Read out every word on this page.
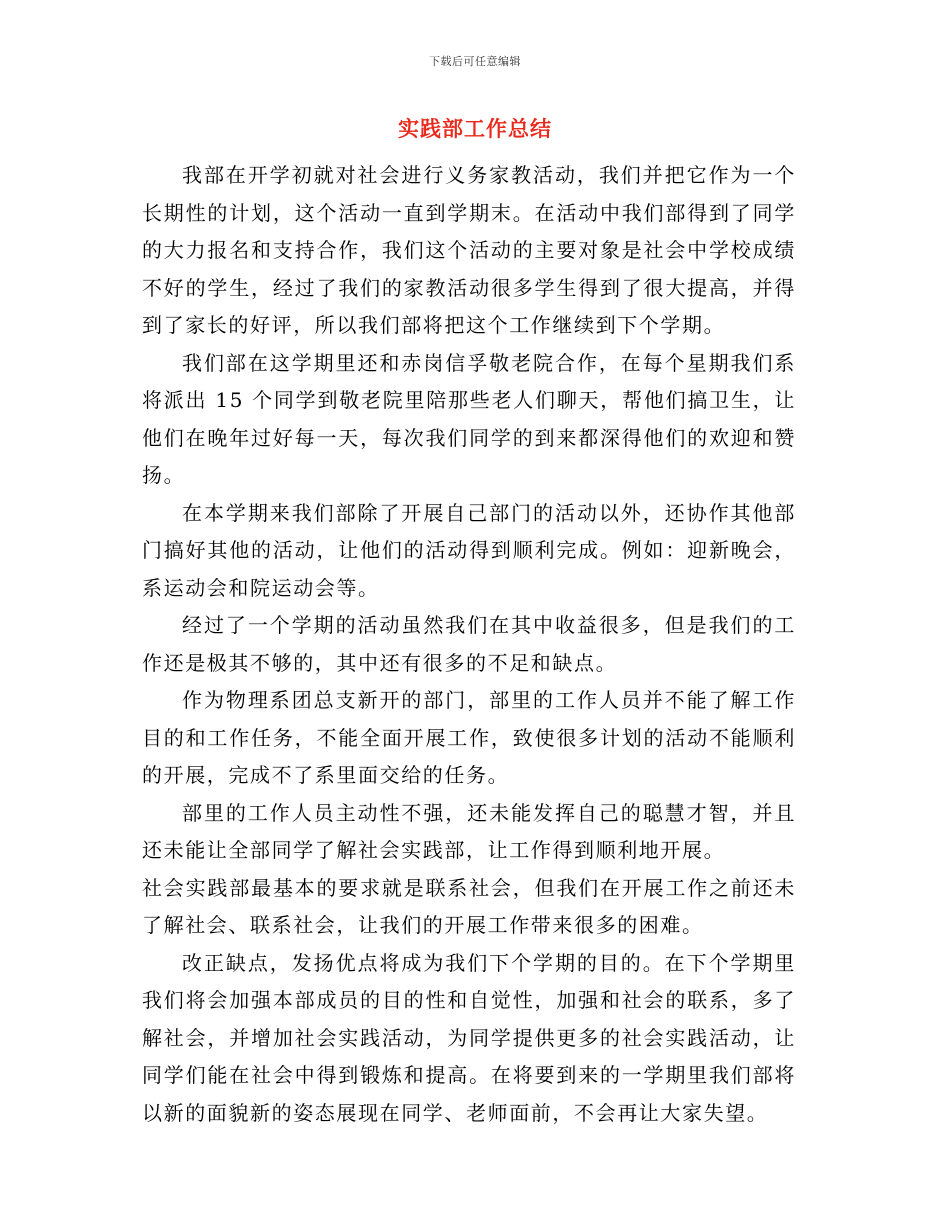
下载后可任意编辑
实践部工作总结

我部在开学初就对社会进行义务家教活动，我们并把它作为一个长期性的计划，这个活动一直到学期末。在活动中我们部得到了同学的大力报名和支持合作，我们这个活动的主要对象是社会中学校成绩不好的学生，经过了我们的家教活动很多学生得到了很大提高，并得到了家长的好评，所以我们部将把这个工作继续到下个学期。

我们部在这学期里还和赤岗信孚敬老院合作，在每个星期我们系将派出 15 个同学到敬老院里陪那些老人们聊天，帮他们搞卫生，让他们在晚年过好每一天，每次我们同学的到来都深得他们的欢迎和赞扬。

在本学期来我们部除了开展自己部门的活动以外，还协作其他部门搞好其他的活动，让他们的活动得到顺利完成。例如：迎新晚会，系运动会和院运动会等。

经过了一个学期的活动虽然我们在其中收益很多，但是我们的工作还是极其不够的，其中还有很多的不足和缺点。

作为物理系团总支新开的部门，部里的工作人员并不能了解工作目的和工作任务，不能全面开展工作，致使很多计划的活动不能顺利的开展，完成不了系里面交给的任务。

部里的工作人员主动性不强，还未能发挥自己的聪慧才智，并且还未能让全部同学了解社会实践部，让工作得到顺利地开展。

社会实践部最基本的要求就是联系社会，但我们在开展工作之前还未了解社会、联系社会，让我们的开展工作带来很多的困难。

改正缺点，发扬优点将成为我们下个学期的目的。在下个学期里我们将会加强本部成员的目的性和自觉性，加强和社会的联系，多了解社会，并增加社会实践活动，为同学提供更多的社会实践活动，让同学们能在社会中得到锻炼和提高。在将要到来的一学期里我们部将以新的面貌新的姿态展现在同学、老师面前，不会再让大家失望。
